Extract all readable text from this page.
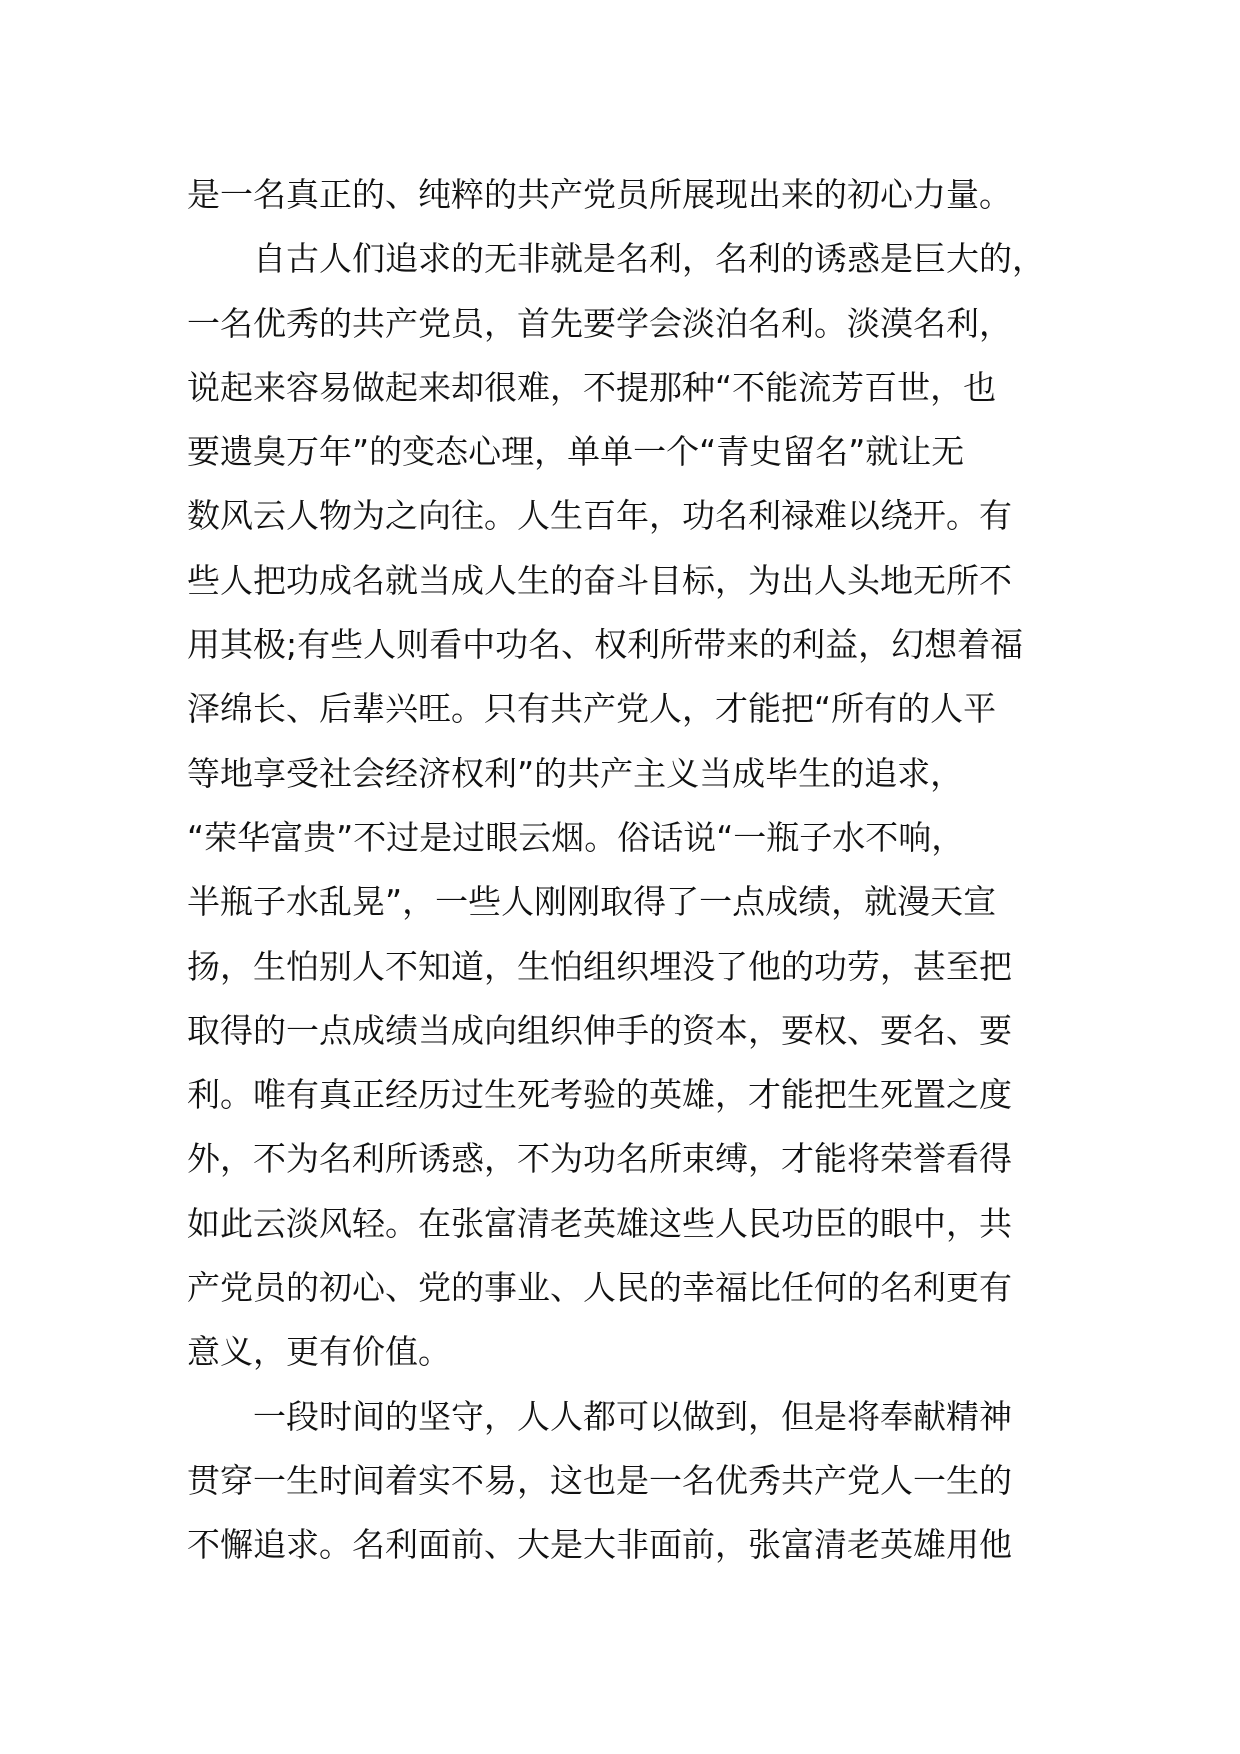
是一名真正的、纯粹的共产党员所展现出来的初心力量。
自古人们追求的无非就是名利，名利的诱惑是巨大的，
一名优秀的共产党员，首先要学会淡泊名利。淡漠名利，
说起来容易做起来却很难，不提那种“不能流芳百世，也
要遗臭万年”的变态心理，单单一个“青史留名”就让无
数风云人物为之向往。人生百年，功名利禄难以绕开。有
些人把功成名就当成人生的奋斗目标，为出人头地无所不
用其极;有些人则看中功名、权利所带来的利益，幻想着福
泽绵长、后辈兴旺。只有共产党人，才能把“所有的人平
等地享受社会经济权利”的共产主义当成毕生的追求，
“荣华富贵”不过是过眼云烟。俗话说“一瓶子水不响，
半瓶子水乱晃”，一些人刚刚取得了一点成绩，就漫天宣
扬，生怕别人不知道，生怕组织埋没了他的功劳，甚至把
取得的一点成绩当成向组织伸手的资本，要权、要名、要
利。唯有真正经历过生死考验的英雄，才能把生死置之度
外，不为名利所诱惑，不为功名所束缚，才能将荣誉看得
如此云淡风轻。在张富清老英雄这些人民功臣的眼中，共
产党员的初心、党的事业、人民的幸福比任何的名利更有
意义，更有价值。
一段时间的坚守，人人都可以做到，但是将奉献精神
贯穿一生时间着实不易，这也是一名优秀共产党人一生的
不懈追求。名利面前、大是大非面前，张富清老英雄用他
